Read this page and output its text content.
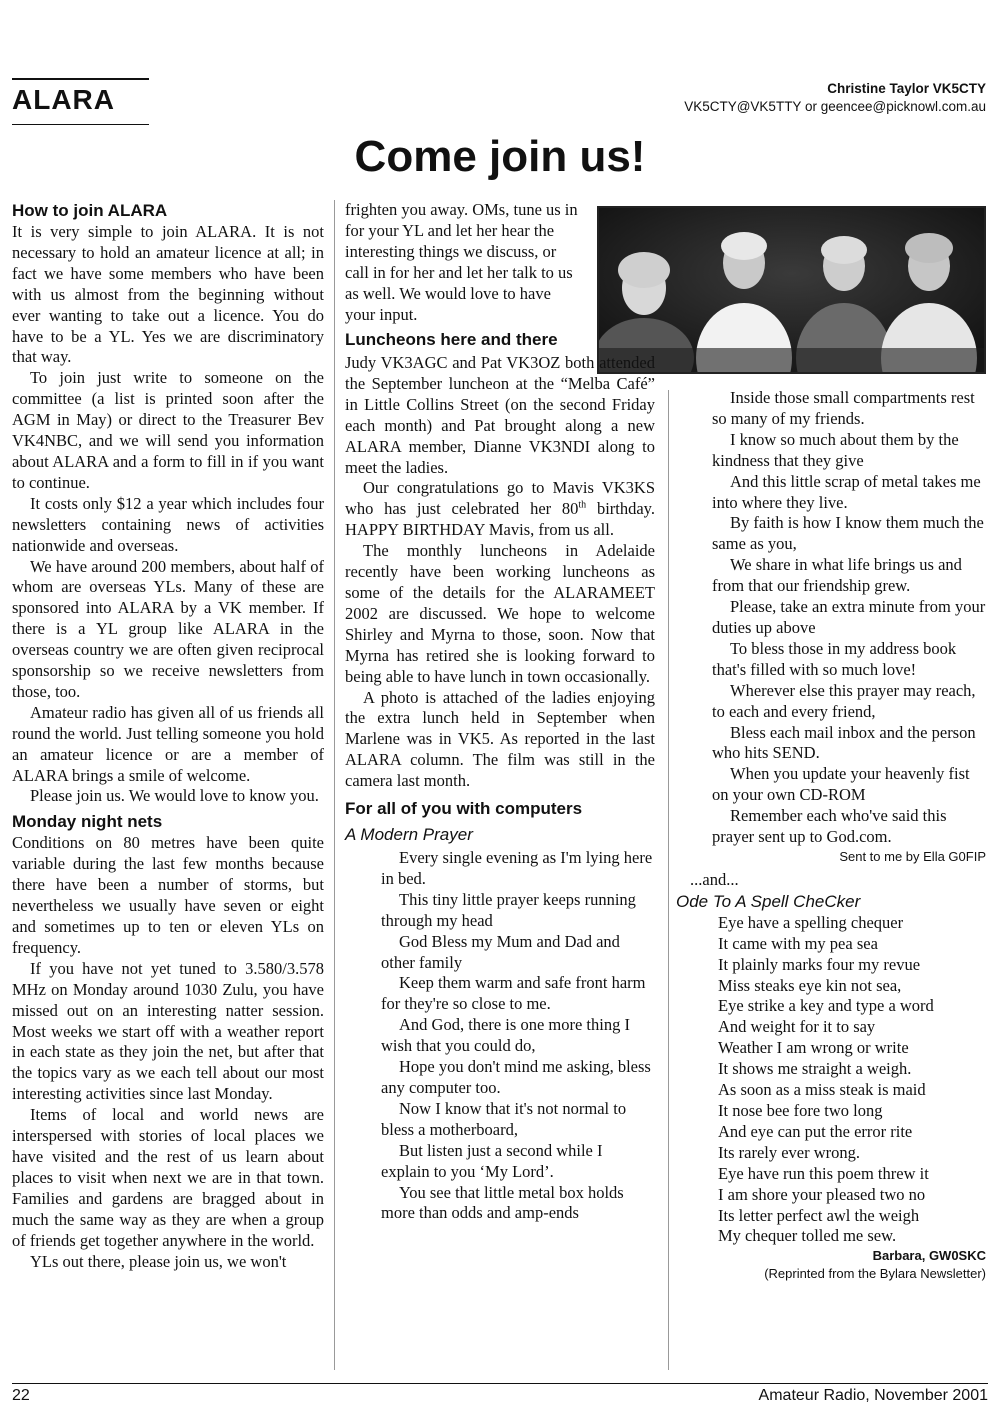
ALARA	Christine Taylor VK5CTY
VK5CTY@VK5TTY or geencee@picknowl.com.au
Come join us!
How to join ALARA

It is very simple to join ALARA. It is not necessary to hold an amateur licence at all; in fact we have some members who have been with us almost from the beginning without ever wanting to take out a licence. You do have to be a YL. Yes we are discriminatory that way.

To join just write to someone on the committee (a list is printed soon after the AGM in May) or direct to the Treasurer Bev VK4NBC, and we will send you information about ALARA and a form to fill in if you want to continue.

It costs only $12 a year which includes four newsletters containing news of activities nationwide and overseas.

We have around 200 members, about half of whom are overseas YLs. Many of these are sponsored into ALARA by a VK member. If there is a YL group like ALARA in the overseas country we are often given reciprocal sponsorship so we receive newsletters from those, too.

Amateur radio has given all of us friends all round the world. Just telling someone you hold an amateur licence or are a member of ALARA brings a smile of welcome.

Please join us. We would love to know you.

Monday night nets

Conditions on 80 metres have been quite variable during the last few months because there have been a number of storms, but nevertheless we usually have seven or eight and sometimes up to ten or eleven YLs on frequency.

If you have not yet tuned to 3.580/3.578 MHz on Monday around 1030 Zulu, you have missed out on an interesting natter session. Most weeks we start off with a weather report in each state as they join the net, but after that the topics vary as we each tell about our most interesting activities since last Monday.

Items of local and world news are interspersed with stories of local places we have visited and the rest of us learn about places to visit when next we are in that town. Families and gardens are bragged about in much the same way as they are when a group of friends get together anywhere in the world.

YLs out there, please join us, we won't

frighten you away. OMs, tune us in for your YL and let her hear the interesting things we discuss, or call in for her and let her talk to us as well. We would love to have your input.

Luncheons here and there

Judy VK3AGC and Pat VK3OZ both attended the September luncheon at the “Melba Café” in Little Collins Street (on the second Friday each month) and Pat brought along a new ALARA member, Dianne VK3NDI along to meet the ladies.

Our congratulations go to Mavis VK3KS who has just celebrated her 80th birthday. HAPPY BIRTHDAY Mavis, from us all.

The monthly luncheons in Adelaide recently have been working luncheons as some of the details for the ALARAMEET 2002 are discussed. We hope to welcome Shirley and Myrna to those, soon. Now that Myrna has retired she is looking forward to being able to have lunch in town occasionally.

A photo is attached of the ladies enjoying the extra lunch held in September when Marlene was in VK5. As reported in the last ALARA column. The film was still in the camera last month.

For all of you with computers
A Modern Prayer

Every single evening as I'm lying here in bed.

This tiny little prayer keeps running through my head

God Bless my Mum and Dad and other family

Keep them warm and safe front harm for they're so close to me.

And God, there is one more thing I wish that you could do,

Hope you don't mind me asking, bless any computer too.

Now I know that it's not normal to bless a motherboard,

But listen just a second while I explain to you ‘My Lord’.

You see that little metal box holds more than odds and amp-ends

Inside those small compartments rest so many of my friends.

I know so much about them by the kindness that they give

And this little scrap of metal takes me into where they live.

By faith is how I know them much the same as you,

We share in what life brings us and from that our friendship grew.

Please, take an extra minute from your duties up above

To bless those in my address book that's filled with so much love!

Wherever else this prayer may reach, to each and every friend,

Bless each mail inbox and the person who hits SEND.

When you update your heavenly fist on your own CD-ROM

Remember each who've said this prayer sent up to God.com.

Sent to me by Ella G0FIP

...and...

Ode To A Spell CheCker

Eye have a spelling chequer

It came with my pea sea

It plainly marks four my revue

Miss steaks eye kin not sea,

Eye strike a key and type a word

And weight for it to say

Weather I am wrong or write

It shows me straight a weigh.

As soon as a miss steak is maid

It nose bee fore two long

And eye can put the error rite

Its rarely ever wrong.

Eye have run this poem threw it

I am shore your pleased two no

Its letter perfect awl the weigh

My chequer tolled me sew.

Barbara, GW0SKC

(Reprinted from the Bylara Newsletter)

22	Amateur Radio, November 2001
